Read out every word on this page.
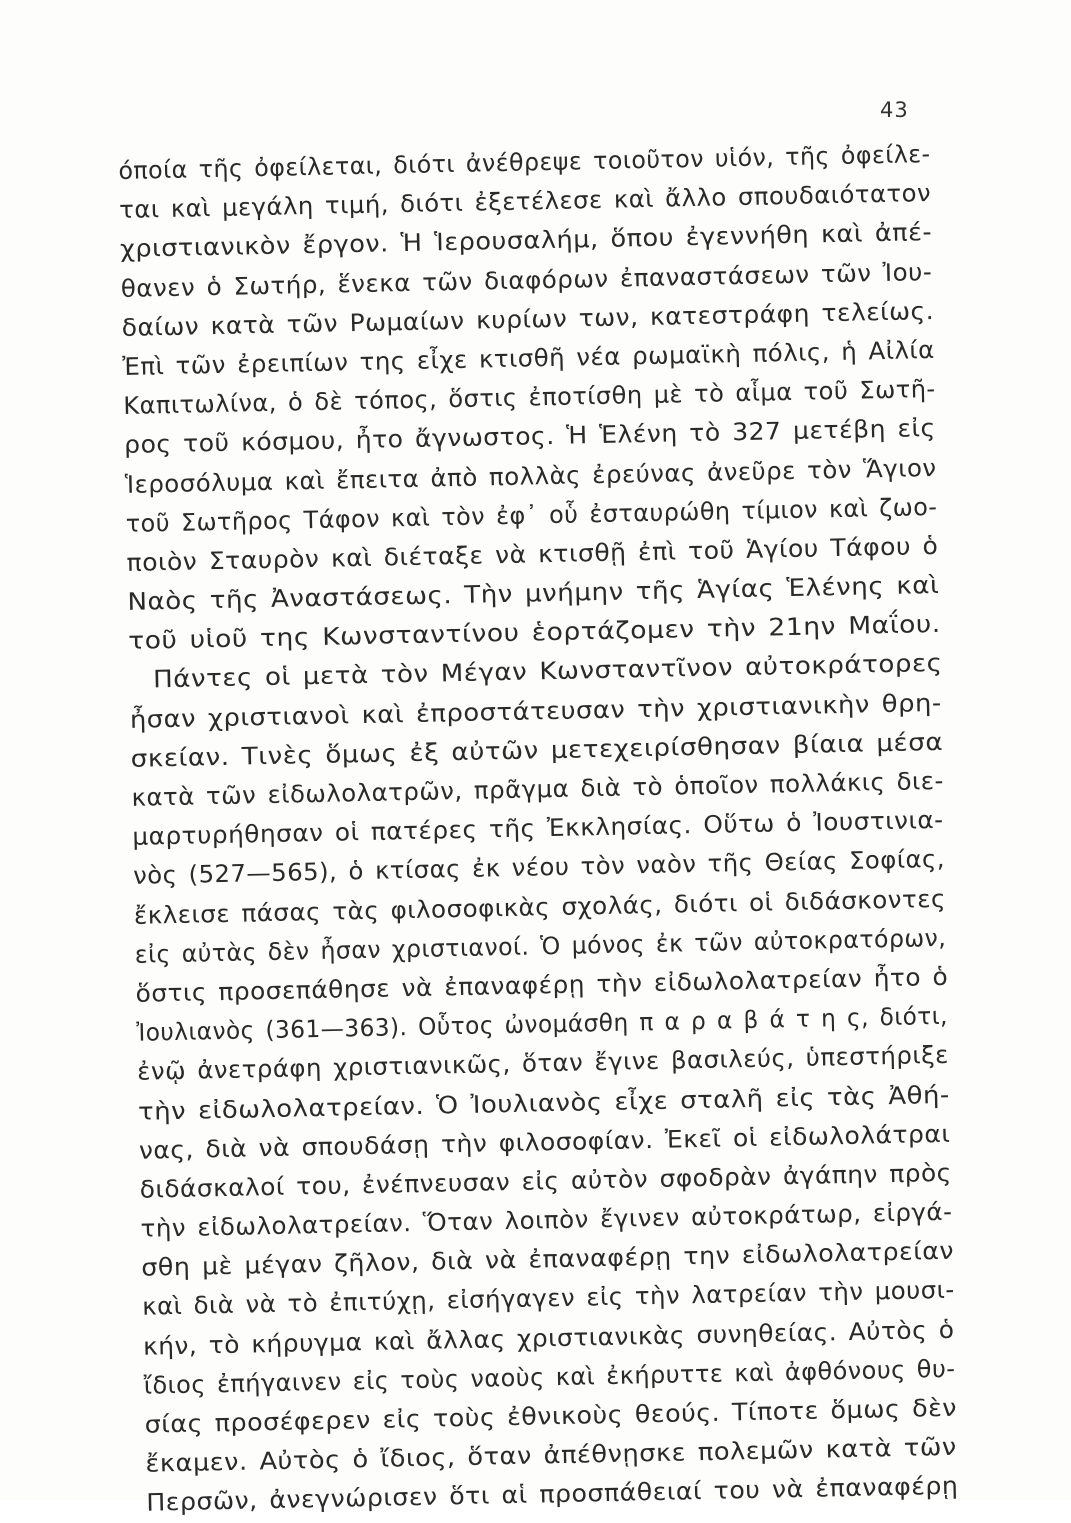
43
όποία τῆς ὀφείλεται, διότι ἀνέθρεψε τοιοῦτον υἱόν, τῆς ὀφείλε-
ται καὶ μεγάλη τιμή, διότι ἐξετέλεσε καὶ ἄλλο σπουδαιότατον
χριστιανικὸν ἔργον. Ἡ Ἱερουσαλήμ, ὅπου ἐγεννήθη καὶ ἀπέ-
θανεν ὁ Σωτήρ, ἕνεκα τῶν διαφόρων ἐπαναστάσεων τῶν Ἰου-
δαίων κατὰ τῶν Ρωμαίων κυρίων των, κατεστράφη τελείως.
Ἐπὶ τῶν ἐρειπίων της εἶχε κτισθῆ νέα ρωμαϊκὴ πόλις, ἡ Αἰλία
Καπιτωλίνα, ὁ δὲ τόπος, ὅστις ἐποτίσθη μὲ τὸ αἷμα τοῦ Σωτῆ-
ρος τοῦ κόσμου, ἦτο ἄγνωστος. Ἡ Ἑλένη τὸ 327 μετέβη εἰς
Ἱεροσόλυμα καὶ ἔπειτα ἀπὸ πολλὰς ἐρεύνας ἀνεῦρε τὸν Ἅγιον
τοῦ Σωτῆρος Τάφον καὶ τὸν ἐφ᾽ οὗ ἐσταυρώθη τίμιον καὶ ζωο-
ποιὸν Σταυρὸν καὶ διέταξε νὰ κτισθῇ ἐπὶ τοῦ Ἁγίου Τάφου ὁ
Ναὸς τῆς Ἀναστάσεως. Τὴν μνήμην τῆς Ἁγίας Ἑλένης καὶ
τοῦ υἱοῦ της Κωνσταντίνου ἑορτάζομεν τὴν 21ην Μαΐου.
Πάντες οἱ μετὰ τὸν Μέγαν Κωνσταντῖνον αὐτοκράτορες
ἦσαν χριστιανοὶ καὶ ἐπροστάτευσαν τὴν χριστιανικὴν θρη-
σκείαν. Τινὲς ὅμως ἐξ αὐτῶν μετεχειρίσθησαν βίαια μέσα
κατὰ τῶν εἰδωλολατρῶν, πρᾶγμα διὰ τὸ ὁποῖον πολλάκις διε-
μαρτυρήθησαν οἱ πατέρες τῆς Ἐκκλησίας. Οὕτω ὁ Ἰουστινια-
νὸς (527—565), ὁ κτίσας ἐκ νέου τὸν ναὸν τῆς Θείας Σοφίας,
ἔκλεισε πάσας τὰς φιλοσοφικὰς σχολάς, διότι οἱ διδάσκοντες
εἰς αὐτὰς δὲν ἦσαν χριστιανοί. Ὁ μόνος ἐκ τῶν αὐτοκρατόρων,
ὅστις προσεπάθησε νὰ ἐπαναφέρῃ τὴν εἰδωλολατρείαν ἦτο ὁ
Ἰουλιανὸς (361—363). Οὗτος ὠνομάσθη π α ρ α β ά τ η ς, διότι,
ἐνῷ ἀνετράφη χριστιανικῶς, ὅταν ἔγινε βασιλεύς, ὑπεστήριξε
τὴν εἰδωλολατρείαν. Ὁ Ἰουλιανὸς εἶχε σταλῆ εἰς τὰς Ἀθή-
νας, διὰ νὰ σπουδάσῃ τὴν φιλοσοφίαν. Ἐκεῖ οἱ εἰδωλολάτραι
διδάσκαλοί του, ἐνέπνευσαν εἰς αὐτὸν σφοδρὰν ἀγάπην πρὸς
τὴν εἰδωλολατρείαν. Ὅταν λοιπὸν ἔγινεν αὐτοκράτωρ, εἰργά-
σθη μὲ μέγαν ζῆλον, διὰ νὰ ἐπαναφέρῃ την εἰδωλολατρείαν
καὶ διὰ νὰ τὸ ἐπιτύχῃ, εἰσήγαγεν εἰς τὴν λατρείαν τὴν μουσι-
κήν, τὸ κήρυγμα καὶ ἄλλας χριστιανικὰς συνηθείας. Αὐτὸς ὁ
ἴδιος ἐπήγαινεν εἰς τοὺς ναοὺς καὶ ἐκήρυττε καὶ ἀφθόνους θυ-
σίας προσέφερεν εἰς τοὺς ἐθνικοὺς θεούς. Τίποτε ὅμως δὲν
ἔκαμεν. Αὐτὸς ὁ ἴδιος, ὅταν ἀπέθνῃσκε πολεμῶν κατὰ τῶν
Περσῶν, ἀνεγνώρισεν ὅτι αἱ προσπάθειαί του νὰ ἐπαναφέρῃ
